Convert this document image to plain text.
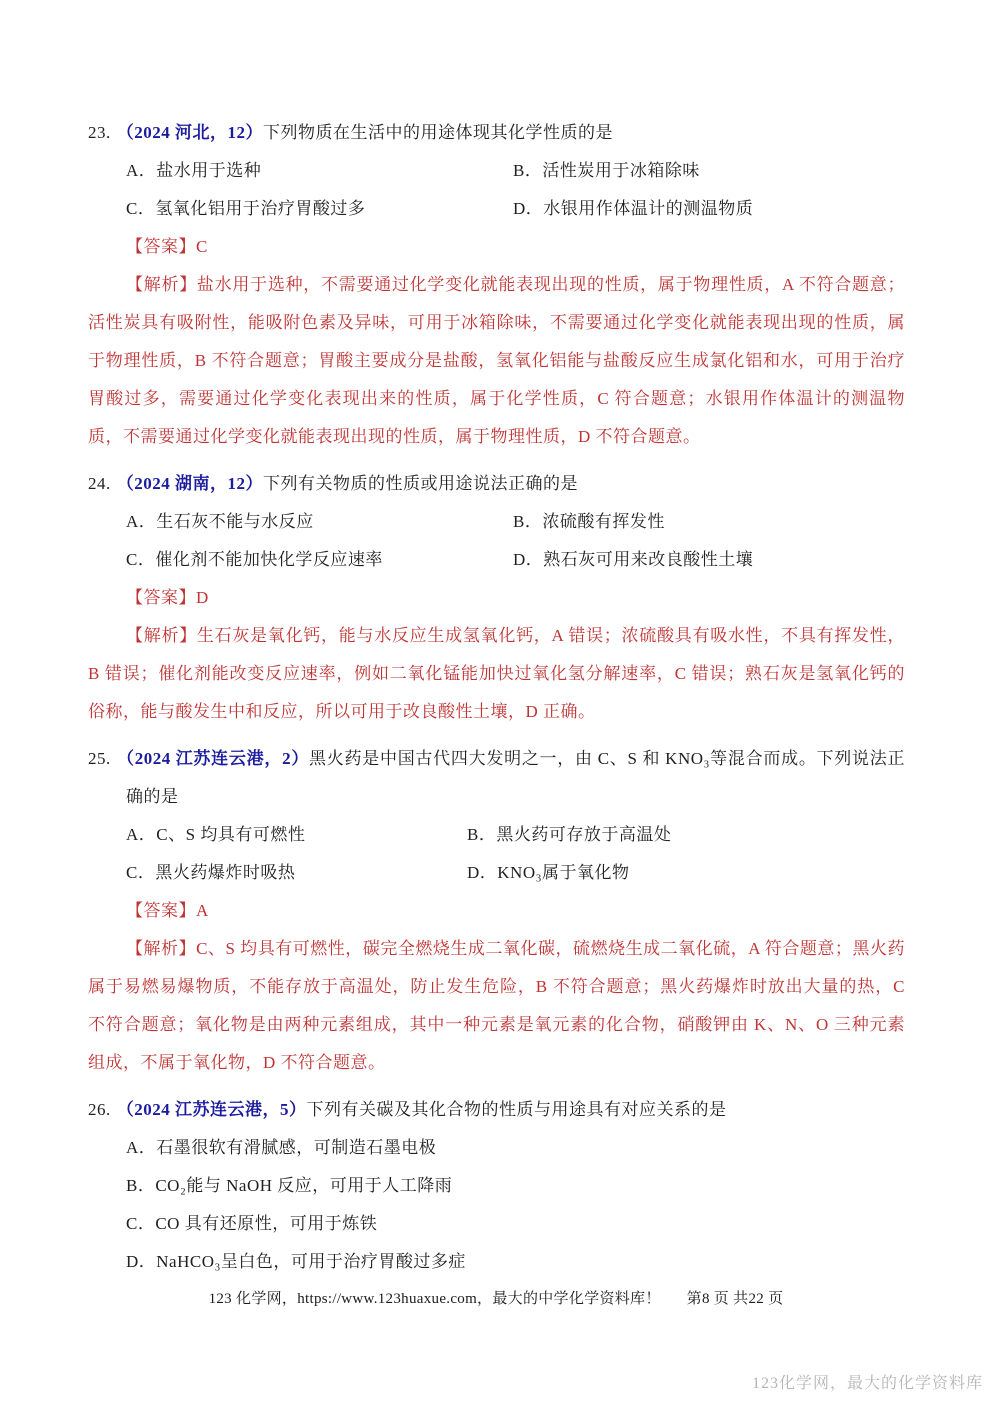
23. （2024 河北，12）下列物质在生活中的用途体现其化学性质的是
A．盐水用于选种	B．活性炭用于冰箱除味
C．氢氧化铝用于治疗胃酸过多	D．水银用作体温计的测温物质
【答案】C
【解析】盐水用于选种，不需要通过化学变化就能表现出现的性质，属于物理性质，A 不符合题意；活性炭具有吸附性，能吸附色素及异味，可用于冰箱除味，不需要通过化学变化就能表现出现的性质，属于物理性质，B 不符合题意；胃酸主要成分是盐酸，氢氧化铝能与盐酸反应生成氯化铝和水，可用于治疗胃酸过多，需要通过化学变化表现出来的性质，属于化学性质，C 符合题意；水银用作体温计的测温物质，不需要通过化学变化就能表现出现的性质，属于物理性质，D 不符合题意。
24. （2024 湖南，12）下列有关物质的性质或用途说法正确的是
A．生石灰不能与水反应	B．浓硫酸有挥发性
C．催化剂不能加快化学反应速率	D．熟石灰可用来改良酸性土壤
【答案】D
【解析】生石灰是氧化钙，能与水反应生成氢氧化钙，A 错误；浓硫酸具有吸水性，不具有挥发性，B 错误；催化剂能改变反应速率，例如二氧化锰能加快过氧化氢分解速率，C 错误；熟石灰是氢氧化钙的俗称，能与酸发生中和反应，所以可用于改良酸性土壤，D 正确。
25. （2024 江苏连云港，2）黑火药是中国古代四大发明之一，由 C、S 和 KNO₃等混合而成。下列说法正确的是
A．C、S 均具有可燃性	B．黑火药可存放于高温处
C．黑火药爆炸时吸热	D．KNO₃属于氧化物
【答案】A
【解析】C、S 均具有可燃性，碳完全燃烧生成二氧化碳，硫燃烧生成二氧化硫，A 符合题意；黑火药属于易燃易爆物质，不能存放于高温处，防止发生危险，B 不符合题意；黑火药爆炸时放出大量的热，C 不符合题意；氧化物是由两种元素组成，其中一种元素是氧元素的化合物，硝酸钾由 K、N、O 三种元素组成，不属于氧化物，D 不符合题意。
26. （2024 江苏连云港，5）下列有关碳及其化合物的性质与用途具有对应关系的是
A．石墨很软有滑腻感，可制造石墨电极
B．CO₂能与 NaOH 反应，可用于人工降雨
C．CO 具有还原性，可用于炼铁
D．NaHCO₃呈白色，可用于治疗胃酸过多症
123 化学网，https://www.123huaxue.com，最大的中学化学资料库！ 第8 页 共22 页
123化学网，最大的化学资料库
